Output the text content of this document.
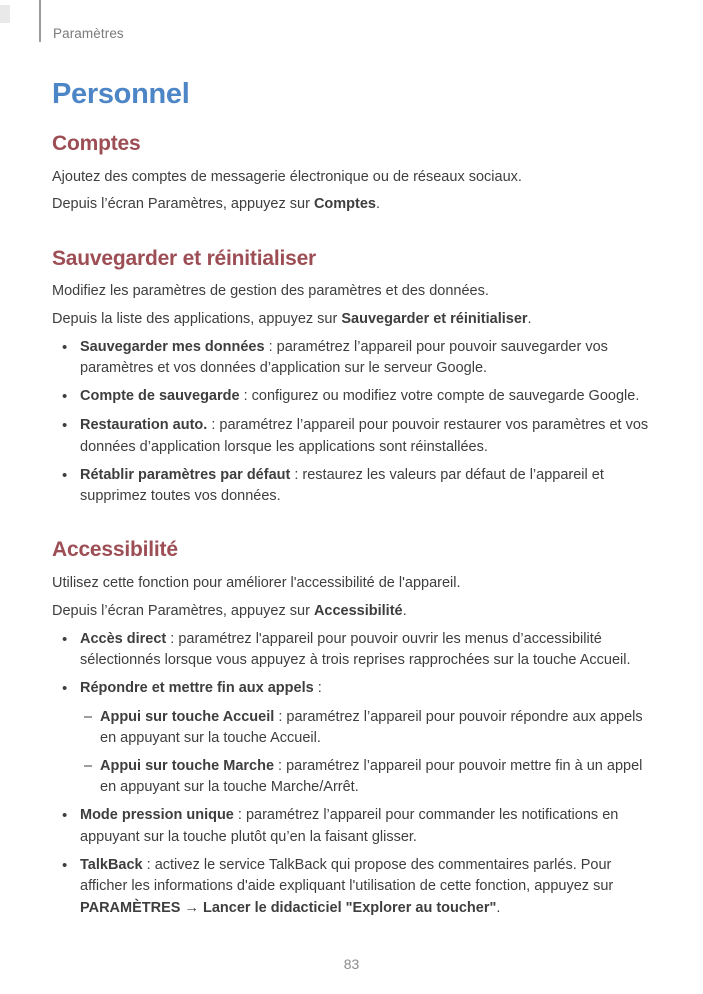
Paramètres
Personnel
Comptes

Ajoutez des comptes de messagerie électronique ou de réseaux sociaux.

Depuis l’écran Paramètres, appuyez sur Comptes.

Sauvegarder et réinitialiser

Modifiez les paramètres de gestion des paramètres et des données.

Depuis la liste des applications, appuyez sur Sauvegarder et réinitialiser.

• Sauvegarder mes données : paramétrez l’appareil pour pouvoir sauvegarder vos paramètres et vos données d’application sur le serveur Google.
• Compte de sauvegarde : configurez ou modifiez votre compte de sauvegarde Google.
• Restauration auto. : paramétrez l’appareil pour pouvoir restaurer vos paramètres et vos données d’application lorsque les applications sont réinstallées.
• Rétablir paramètres par défaut : restaurez les valeurs par défaut de l’appareil et supprimez toutes vos données.
Accessibilité

Utilisez cette fonction pour améliorer l'accessibilité de l'appareil.

Depuis l’écran Paramètres, appuyez sur Accessibilité.

• Accès direct : paramétrez l'appareil pour pouvoir ouvrir les menus d’accessibilité sélectionnés lorsque vous appuyez à trois reprises rapprochées sur la touche Accueil.
• Répondre et mettre fin aux appels :
– Appui sur touche Accueil : paramétrez l’appareil pour pouvoir répondre aux appels en appuyant sur la touche Accueil.
– Appui sur touche Marche : paramétrez l’appareil pour pouvoir mettre fin à un appel en appuyant sur la touche Marche/Arrêt.
• Mode pression unique : paramétrez l’appareil pour commander les notifications en appuyant sur la touche plutôt qu’en la faisant glisser.
• TalkBack : activez le service TalkBack qui propose des commentaires parlés. Pour afficher les informations d'aide expliquant l'utilisation de cette fonction, appuyez sur PARAMÈTRES → Lancer le didacticiel "Explorer au toucher".
83
